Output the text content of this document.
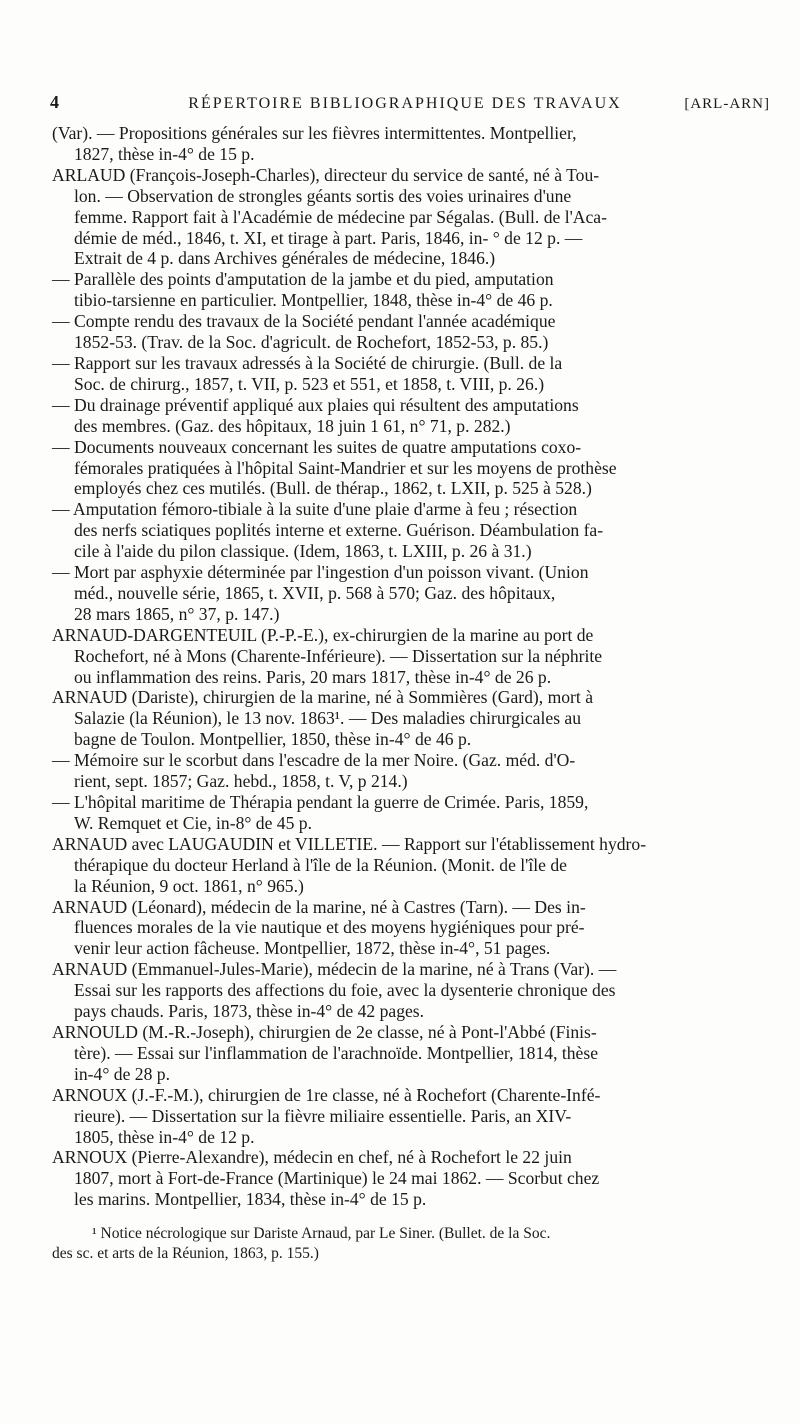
4	RÉPERTOIRE BIBLIOGRAPHIQUE DES TRAVAUX	[ARL-ARN]
(Var). — Propositions générales sur les fièvres intermittentes. Montpellier,
1827, thèse in-4° de 15 p.
ARLAUD (François-Joseph-Charles), directeur du service de santé, né à Tou-
lon. — Observation de strongles géants sortis des voies urinaires d'une
femme. Rapport fait à l'Académie de médecine par Ségalas. (Bull. de l'Aca-
démie de méd., 1846, t. XI, et tirage à part. Paris, 1846, in- ° de 12 p. —
Extrait de 4 p. dans Archives générales de médecine, 1846.)
— Parallèle des points d'amputation de la jambe et du pied, amputation
tibio-tarsienne en particulier. Montpellier, 1848, thèse in-4° de 46 p.
— Compte rendu des travaux de la Société pendant l'année académique
1852-53. (Trav. de la Soc. d'agricult. de Rochefort, 1852-53, p. 85.)
— Rapport sur les travaux adressés à la Société de chirurgie. (Bull. de la
Soc. de chirurg., 1857, t. VII, p. 523 et 551, et 1858, t. VIII, p. 26.)
— Du drainage préventif appliqué aux plaies qui résultent des amputations
des membres. (Gaz. des hôpitaux, 18 juin 1 61, n° 71, p. 282.)
— Documents nouveaux concernant les suites de quatre amputations coxo-
fémorales pratiquées à l'hôpital Saint-Mandrier et sur les moyens de prothèse
employés chez ces mutilés. (Bull. de thérap., 1862, t. LXII, p. 525 à 528.)
— Amputation fémoro-tibiale à la suite d'une plaie d'arme à feu ; résection
des nerfs sciatiques poplités interne et externe. Guérison. Déambulation fa-
cile à l'aide du pilon classique. (Idem, 1863, t. LXIII, p. 26 à 31.)
— Mort par asphyxie déterminée par l'ingestion d'un poisson vivant. (Union
méd., nouvelle série, 1865, t. XVII, p. 568 à 570; Gaz. des hôpitaux,
28 mars 1865, n° 37, p. 147.)
ARNAUD-DARGENTEUIL (P.-P.-E.), ex-chirurgien de la marine au port de
Rochefort, né à Mons (Charente-Inférieure). — Dissertation sur la néphrite
ou inflammation des reins. Paris, 20 mars 1817, thèse in-4° de 26 p.
ARNAUD (Dariste), chirurgien de la marine, né à Sommières (Gard), mort à
Salazie (la Réunion), le 13 nov. 1863¹. — Des maladies chirurgicales au
bagne de Toulon. Montpellier, 1850, thèse in-4° de 46 p.
— Mémoire sur le scorbut dans l'escadre de la mer Noire. (Gaz. méd. d'O-
rient, sept. 1857; Gaz. hebd., 1858, t. V, p 214.)
— L'hôpital maritime de Thérapia pendant la guerre de Crimée. Paris, 1859,
W. Remquet et Cie, in-8° de 45 p.
ARNAUD avec LAUGAUDIN et VILLETIE. — Rapport sur l'établissement hydro-
thérapique du docteur Herland à l'île de la Réunion. (Monit. de l'île de
la Réunion, 9 oct. 1861, n° 965.)
ARNAUD (Léonard), médecin de la marine, né à Castres (Tarn). — Des in-
fluences morales de la vie nautique et des moyens hygiéniques pour pré-
venir leur action fâcheuse. Montpellier, 1872, thèse in-4°, 51 pages.
ARNAUD (Emmanuel-Jules-Marie), médecin de la marine, né à Trans (Var). —
Essai sur les rapports des affections du foie, avec la dysenterie chronique des
pays chauds. Paris, 1873, thèse in-4° de 42 pages.
ARNOULD (M.-R.-Joseph), chirurgien de 2e classe, né à Pont-l'Abbé (Finis-
tère). — Essai sur l'inflammation de l'arachnoïde. Montpellier, 1814, thèse
in-4° de 28 p.
ARNOUX (J.-F.-M.), chirurgien de 1re classe, né à Rochefort (Charente-Infé-
rieure). — Dissertation sur la fièvre miliaire essentielle. Paris, an XIV-
1805, thèse in-4° de 12 p.
ARNOUX (Pierre-Alexandre), médecin en chef, né à Rochefort le 22 juin
1807, mort à Fort-de-France (Martinique) le 24 mai 1862. — Scorbut chez
les marins. Montpellier, 1834, thèse in-4° de 15 p.
¹ Notice nécrologique sur Dariste Arnaud, par Le Siner. (Bullet. de la Soc.
des sc. et arts de la Réunion, 1863, p. 155.)
